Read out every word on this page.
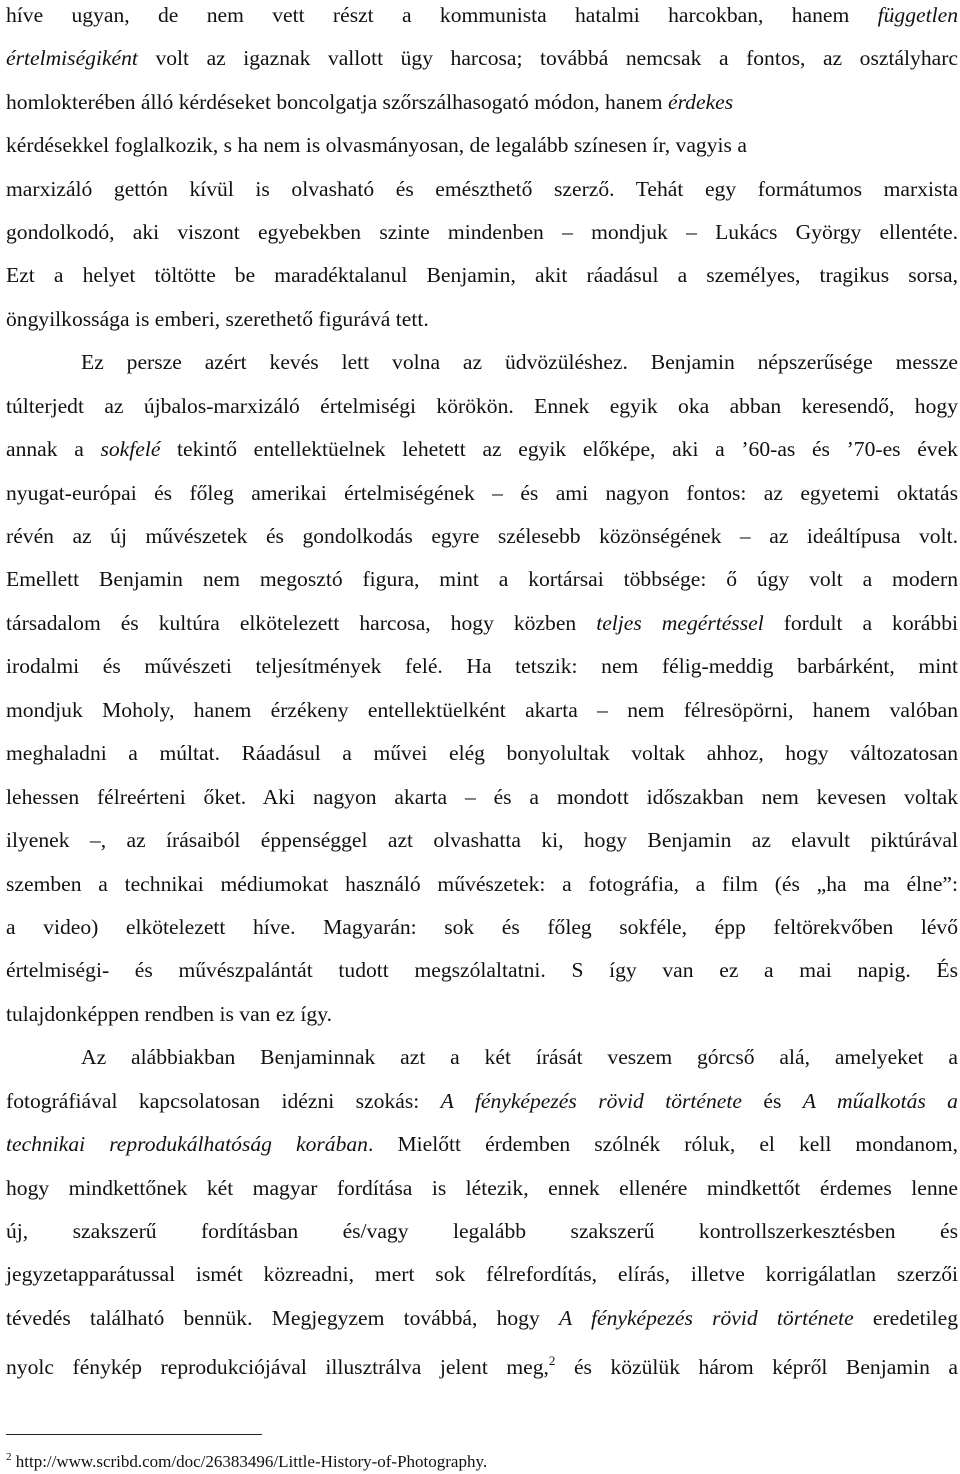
híve ugyan, de nem vett részt a kommunista hatalmi harcokban, hanem független
értelmiségiként volt az igaznak vallott ügy harcosa; továbbá nemcsak a fontos, az osztályharc
homlokterében álló kérdéseket boncolgatja szőrszálhasogató módon, hanem érdekes
kérdésekkel foglalkozik, s ha nem is olvasmányosan, de legalább színesen ír, vagyis a
marxizáló gettón kívül is olvasható és emészthető szerző. Tehát egy formátumos marxista
gondolkodó, aki viszont egyebekben szinte mindenben – mondjuk – Lukács György ellentéte.
Ezt a helyet töltötte be maradéktalanul Benjamin, akit ráadásul a személyes, tragikus sorsa,
öngyilkossága is emberi, szerethető figurává tett.
Ez persze azért kevés lett volna az üdvözüléshez. Benjamin népszerűsége messze
túlterjedt az újbalos-marxizáló értelmiségi körökön. Ennek egyik oka abban keresendő, hogy
annak a sokfelé tekintő entellektüelnek lehetett az egyik előképe, aki a ’60-as és ’70-es évek
nyugat-európai és főleg amerikai értelmiségének – és ami nagyon fontos: az egyetemi oktatás
révén az új művészetek és gondolkodás egyre szélesebb közönségének – az ideáltípusa volt.
Emellett Benjamin nem megosztó figura, mint a kortársai többsége: ő úgy volt a modern
társadalom és kultúra elkötelezett harcosa, hogy közben teljes megértéssel fordult a korábbi
irodalmi és művészeti teljesítmények felé. Ha tetszik: nem félig-meddig barbárként, mint
mondjuk Moholy, hanem érzékeny entellektüelként akarta – nem félresöpörni, hanem valóban
meghaladni a múltat. Ráadásul a művei elég bonyolultak voltak ahhoz, hogy változatosan
lehessen félreérteni őket. Aki nagyon akarta – és a mondott időszakban nem kevesen voltak
ilyenek –, az írásaiból éppenséggel azt olvashatta ki, hogy Benjamin az elavult piktúrával
szemben a technikai médiumokat használó művészetek: a fotográfia, a film (és „ha ma élne”:
a video) elkötelezett híve. Magyarán: sok és főleg sokféle, épp feltörekvőben lévő
értelmiségi- és művészpalántát tudott megszólaltatni. S így van ez a mai napig. És
tulajdonképpen rendben is van ez így.
Az alábbiakban Benjaminnak azt a két írását veszem górcső alá, amelyeket a
fotográfiával kapcsolatosan idézni szokás: A fényképezés rövid története és A műalkotás a
technikai reprodukálhatóság korában. Mielőtt érdemben szólnék róluk, el kell mondanom,
hogy mindkettőnek két magyar fordítása is létezik, ennek ellenére mindkettőt érdemes lenne
új, szakszerű fordításban és/vagy legalább szakszerű kontrollszerkesztésben és
jegyzetapparátussal ismét közreadni, mert sok félrefordítás, elírás, illetve korrigálatlan szerzői
tévedés található bennük. Megjegyzem továbbá, hogy A fényképezés rövid története eredetileg
nyolc fénykép reprodukciójával illusztrálva jelent meg,$^2$ és közülük három képről Benjamin a
$^2$ http://www.scribd.com/doc/26383496/Little-History-of-Photography.
